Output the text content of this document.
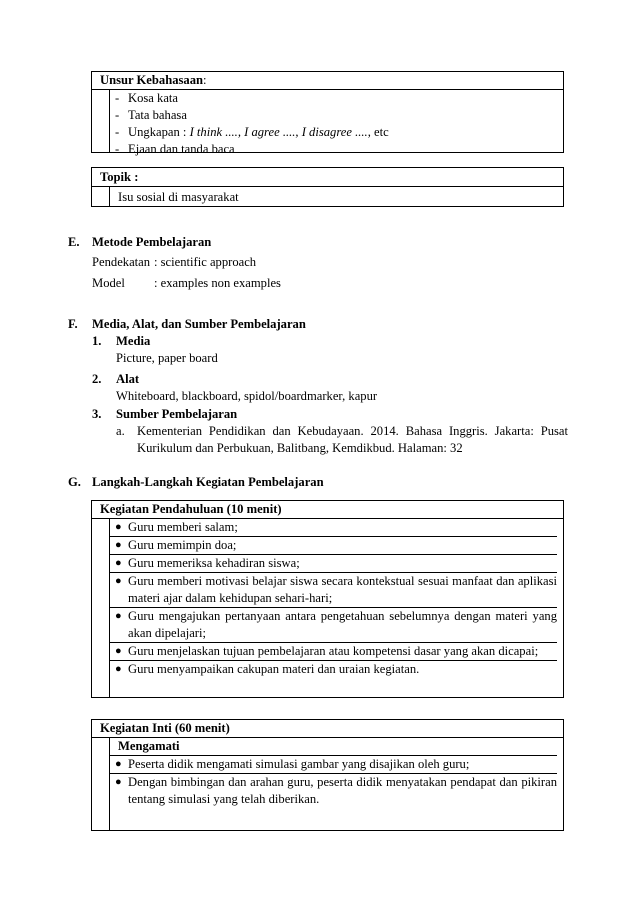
Unsur Kebahasaan:
- Kosa kata
- Tata bahasa
- Ungkapan : I think ...., I agree ...., I disagree ...., etc
- Ejaan dan tanda baca
Topik :
Isu sosial di masyarakat
E. Metode Pembelajaran
Pendekatan : scientific approach
Model : examples non examples
F. Media, Alat, dan Sumber Pembelajaran
1. Media
Picture, paper board
2. Alat
Whiteboard, blackboard, spidol/boardmarker, kapur
3. Sumber Pembelajaran
a. Kementerian Pendidikan dan Kebudayaan. 2014. Bahasa Inggris. Jakarta: Pusat Kurikulum dan Perbukuan, Balitbang, Kemdikbud. Halaman: 32
G. Langkah-Langkah Kegiatan Pembelajaran
Kegiatan Pendahuluan (10 menit)
● Guru memberi salam;
● Guru memimpin doa;
● Guru memeriksa kehadiran siswa;
● Guru memberi motivasi belajar siswa secara kontekstual sesuai manfaat dan aplikasi materi ajar dalam kehidupan sehari-hari;
● Guru mengajukan pertanyaan antara pengetahuan sebelumnya dengan materi yang akan dipelajari;
● Guru menjelaskan tujuan pembelajaran atau kompetensi dasar yang akan dicapai;
● Guru menyampaikan cakupan materi dan uraian kegiatan.
Kegiatan Inti (60 menit)
Mengamati
● Peserta didik mengamati simulasi gambar yang disajikan oleh guru;
● Dengan bimbingan dan arahan guru, peserta didik menyatakan pendapat dan pikiran tentang simulasi yang telah diberikan.
